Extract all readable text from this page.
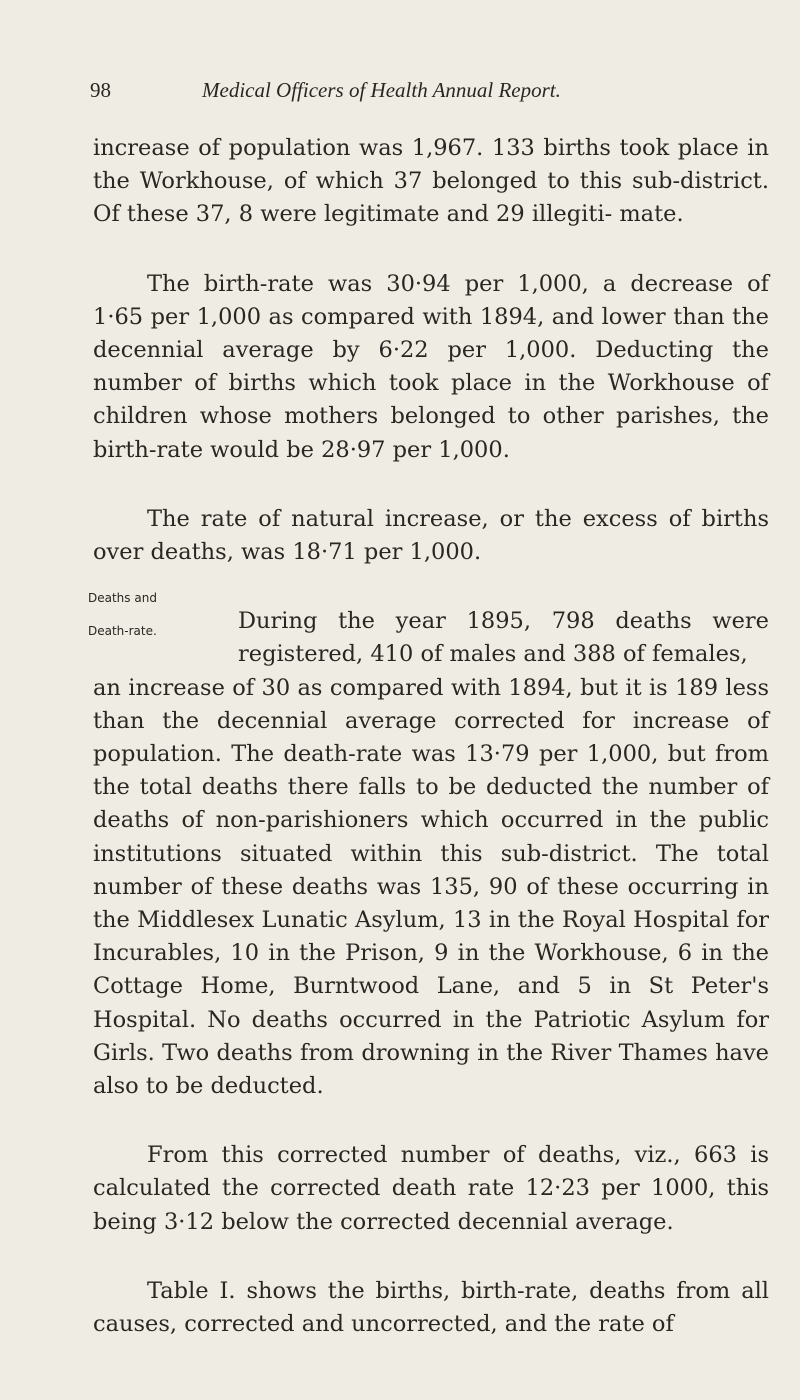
98	Medical Officers of Health Annual Report.
Deaths and
Death-rate.

increase of population was 1,967. 133 births took place in the Workhouse, of which 37 belonged to this sub-district. Of these 37, 8 were legitimate and 29 illegiti- mate.

The birth-rate was 30·94 per 1,000, a decrease of 1·65 per 1,000 as compared with 1894, and lower than the decennial average by 6·22 per 1,000. Deducting the number of births which took place in the Workhouse of children whose mothers belonged to other parishes, the birth-rate would be 28·97 per 1,000.

The rate of natural increase, or the excess of births over deaths, was 18·71 per 1,000.

During the year 1895, 798 deaths were registered, 410 of males and 388 of females,
an increase of 30 as compared with 1894, but it is 189 less than the decennial average corrected for increase of population. The death-rate was 13·79 per 1,000, but from the total deaths there falls to be deducted the number of deaths of non-parishioners which occurred in the public institutions situated within this sub-district. The total number of these deaths was 135, 90 of these occurring in the Middlesex Lunatic Asylum, 13 in the Royal Hospital for Incurables, 10 in the Prison, 9 in the Workhouse, 6 in the Cottage Home, Burntwood Lane, and 5 in St Peter's Hospital. No deaths occurred in the Patriotic Asylum for Girls. Two deaths from drowning in the River Thames have also to be deducted.

From this corrected number of deaths, viz., 663 is calculated the corrected death rate 12·23 per 1000, this being 3·12 below the corrected decennial average.

Table I. shows the births, birth-rate, deaths from all causes, corrected and uncorrected, and the rate of
